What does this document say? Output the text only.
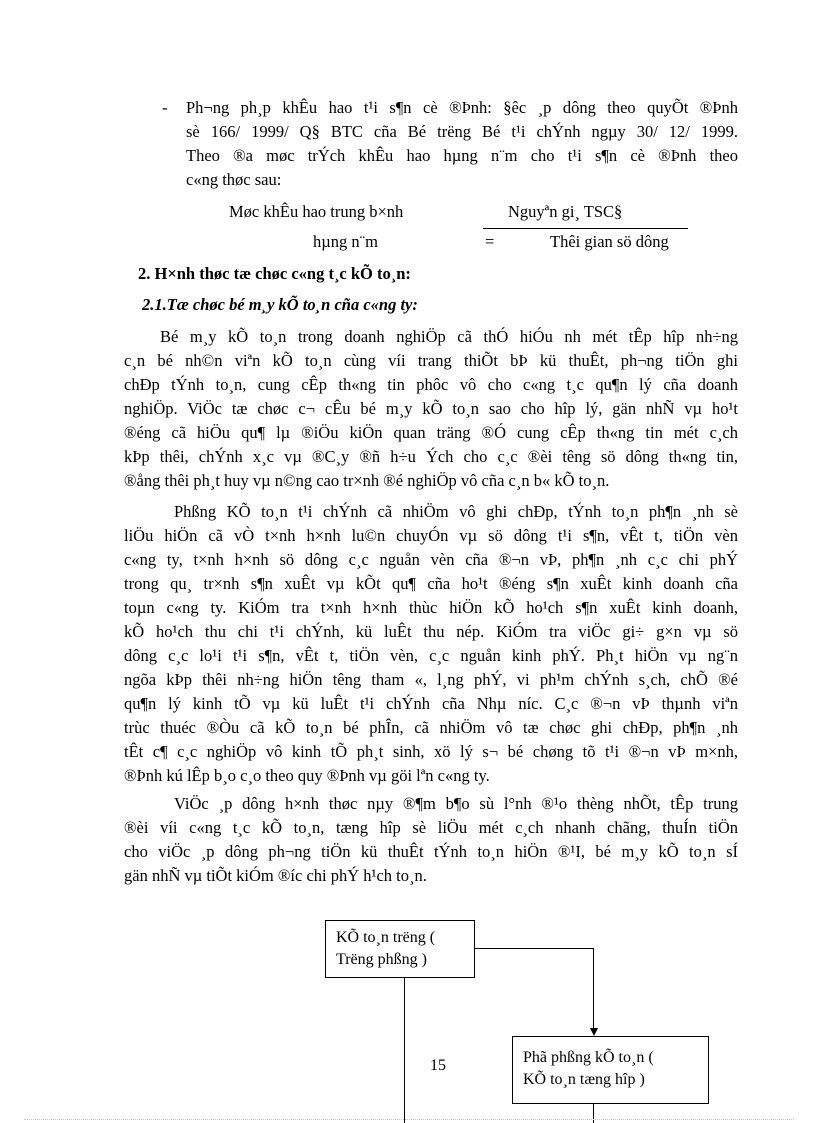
- Ph¬ng ph¸p khÊu hao t¹i s¶n cè ®Þnh: §êc ¸p dông theo quyÕt ®Þnh
sè 166/ 1999/ Q§ BTC cña Bé trëng Bé t¹i chÝnh ngµy 30/ 12/ 1999.
Theo ®a møc trÝch khÊu hao hµng n¨m cho t¹i s¶n cè ®Þnh theo
c«ng thøc sau:
Møc khÊu hao trung b×nh	Nguyªn gi¸ TSC§
hµng n¨m	=	Thêi gian sö dông
2. H×nh thøc tæ chøc c«ng t¸c kÕ to¸n:
2.1.Tæ chøc bé m¸y kÕ to¸n cña c«ng ty:
Bé m¸y kÕ to¸n trong doanh nghiÖp cã thÓ hiÓu nh mét tÊp hîp nh÷ng
c¸n bé nh©n viªn kÕ to¸n cùng víi trang thiÕt bÞ kü thuÊt, ph¬ng tiÖn ghi
chÐp tÝnh to¸n, cung cÊp th«ng tin phôc vô cho c«ng t¸c qu¶n lý cña doanh
nghiÖp. ViÖc tæ chøc c¬ cÊu bé m¸y kÕ to¸n sao cho hîp lý, gän nhÑ vµ ho¹t
®éng cã hiÖu qu¶ lµ ®iÖu kiÖn quan träng ®Ó cung cÊp th«ng tin mét c¸ch
kÞp thêi, chÝnh x¸c vµ ®C¸y ®ñ h÷u Ých cho c¸c ®èi têng sö dông th«ng tin,
®ång thêi ph¸t huy vµ n©ng cao tr×nh ®é nghiÖp vô cña c¸n b« kÕ to¸n.
Phßng KÕ to¸n t¹i chÝnh cã nhiÖm vô ghi chÐp, tÝnh to¸n ph¶n ¸nh sè
liÖu hiÖn cã vÒ t×nh h×nh lu©n chuyÓn vµ sö dông t¹i s¶n, vÊt t, tiÖn vèn
c«ng ty, t×nh h×nh sö dông c¸c nguån vèn cña ®¬n vÞ, ph¶n ¸nh c¸c chi phÝ
trong qu¸ tr×nh s¶n xuÊt vµ kÕt qu¶ cña ho¹t ®éng s¶n xuÊt kinh doanh cña
toµn c«ng ty. KiÓm tra t×nh h×nh thùc hiÖn kÕ ho¹ch s¶n xuÊt kinh doanh,
kÕ ho¹ch thu chi t¹i chÝnh, kü luÊt thu nép. KiÓm tra viÖc gi÷ g×n vµ sö
dông c¸c lo¹i t¹i s¶n, vÊt t, tiÖn vèn, c¸c nguån kinh phÝ. Ph¸t hiÖn vµ ng¨n
ngõa kÞp thêi nh÷ng hiÖn têng tham «, l¸ng phÝ, vi ph¹m chÝnh s¸ch, chÕ ®é
qu¶n lý kinh tÕ vµ kü luÊt t¹i chÝnh cña Nhµ níc. C¸c ®¬n vÞ thµnh viªn
trùc thuéc ®Òu cã kÕ to¸n bé phÎn, cã nhiÖm vô tæ chøc ghi chÐp, ph¶n ¸nh
tÊt c¶ c¸c nghiÖp vô kinh tÕ ph¸t sinh, xö lý s¬ bé chøng tõ t¹i ®¬n vÞ m×nh,
®Þnh kú lÊp b¸o c¸o theo quy ®Þnh vµ göi lªn c«ng ty.
ViÖc ¸p dông h×nh thøc nµy ®¶m b¶o sù l°nh ®¹o thèng nhÕt, tÊp trung
®èi víi c«ng t¸c kÕ to¸n, tæng hîp sè liÖu mét c¸ch nhanh chãng, thuÍn tiÖn
cho viÖc ¸p dông ph¬ng tiÖn kü thuÊt tÝnh to¸n hiÖn ®¹I, bé m¸y kÕ to¸n sÍ
gän nhÑ vµ tiÕt kiÓm ®íc chi phÝ h¹ch to¸n.
KÕ to¸n trëng (
Trëng phßng )
Phã phßng kÕ to¸n (
KÕ to¸n tæng hîp )
15
